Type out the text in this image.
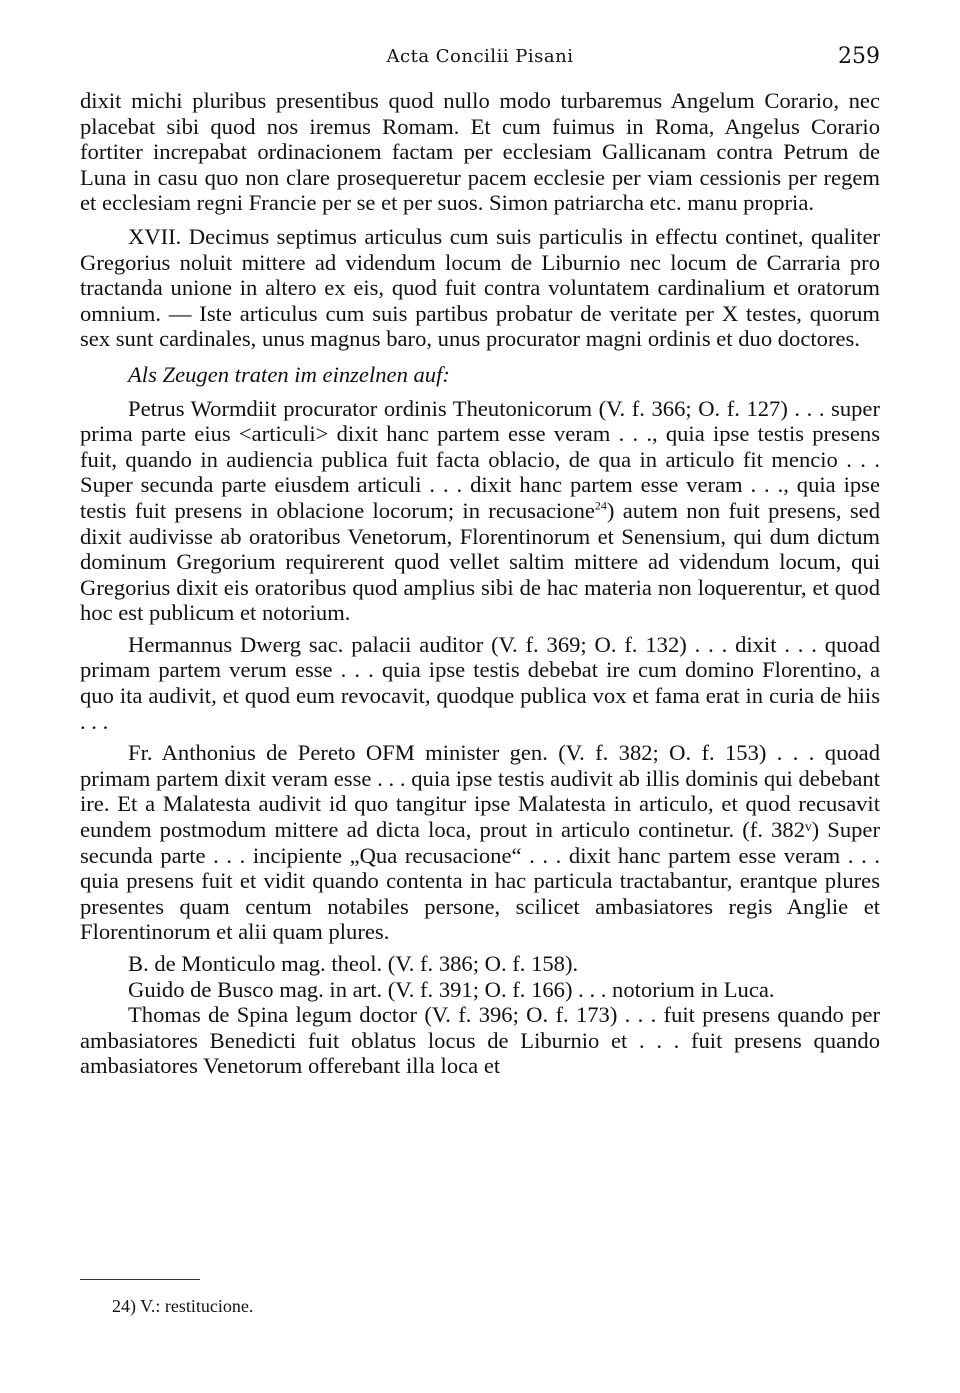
Acta Concilii Pisani	259

dixit michi pluribus presentibus quod nullo modo turbaremus Angelum Corario, nec placebat sibi quod nos iremus Romam. Et cum fuimus in Roma, Angelus Corario fortiter increpabat ordinacionem factam per ecclesiam Gallicanam contra Petrum de Luna in casu quo non clare prosequeretur pacem ecclesie per viam cessionis per regem et ecclesiam regni Francie per se et per suos. Simon patriarcha etc. manu propria.

XVII. Decimus septimus articulus cum suis particulis in effectu continet, qualiter Gregorius noluit mittere ad videndum locum de Liburnio nec locum de Carraria pro tractanda unione in altero ex eis, quod fuit contra voluntatem cardinalium et oratorum omnium. — Iste articulus cum suis partibus probatur de veritate per X testes, quorum sex sunt cardinales, unus magnus baro, unus procurator magni ordinis et duo doctores.

Als Zeugen traten im einzelnen auf:

Petrus Wormdiit procurator ordinis Theutonicorum (V. f. 366; O. f. 127) . . . super prima parte eius <articuli> dixit hanc partem esse veram . . ., quia ipse testis presens fuit, quando in audiencia publica fuit facta oblacio, de qua in articulo fit mencio . . . Super secunda parte eiusdem articuli . . . dixit hanc partem esse veram . . ., quia ipse testis fuit presens in oblacione locorum; in recusacione$^{24}$) autem non fuit presens, sed dixit audivisse ab oratoribus Venetorum, Florentinorum et Senensium, qui dum dictum dominum Gregorium requirerent quod vellet saltim mittere ad videndum locum, qui Gregorius dixit eis oratoribus quod amplius sibi de hac materia non loquerentur, et quod hoc est publicum et notorium.

Hermannus Dwerg sac. palacii auditor (V. f. 369; O. f. 132) . . . dixit . . . quoad primam partem verum esse . . . quia ipse testis debebat ire cum domino Florentino, a quo ita audivit, et quod eum revocavit, quodque publica vox et fama erat in curia de hiis . . .

Fr. Anthonius de Pereto OFM minister gen. (V. f. 382; O. f. 153) . . . quoad primam partem dixit veram esse . . . quia ipse testis audivit ab illis dominis qui debebant ire. Et a Malatesta audivit id quo tangitur ipse Malatesta in articulo, et quod recusavit eundem postmodum mittere ad dicta loca, prout in articulo continetur. (f. 382ᵛ) Super secunda parte . . . incipiente „Qua recusacione“ . . . dixit hanc partem esse veram . . . quia presens fuit et vidit quando contenta in hac particula tractabantur, erantque plures presentes quam centum notabiles persone, scilicet ambasiatores regis Anglie et Florentinorum et alii quam plures.

B. de Monticulo mag. theol. (V. f. 386; O. f. 158).

Guido de Busco mag. in art. (V. f. 391; O. f. 166) . . . notorium in Luca.

Thomas de Spina legum doctor (V. f. 396; O. f. 173) . . . fuit presens quando per ambasiatores Benedicti fuit oblatus locus de Liburnio et . . . fuit presens quando ambasiatores Venetorum offerebant illa loca et

24) V.: restitucione.
